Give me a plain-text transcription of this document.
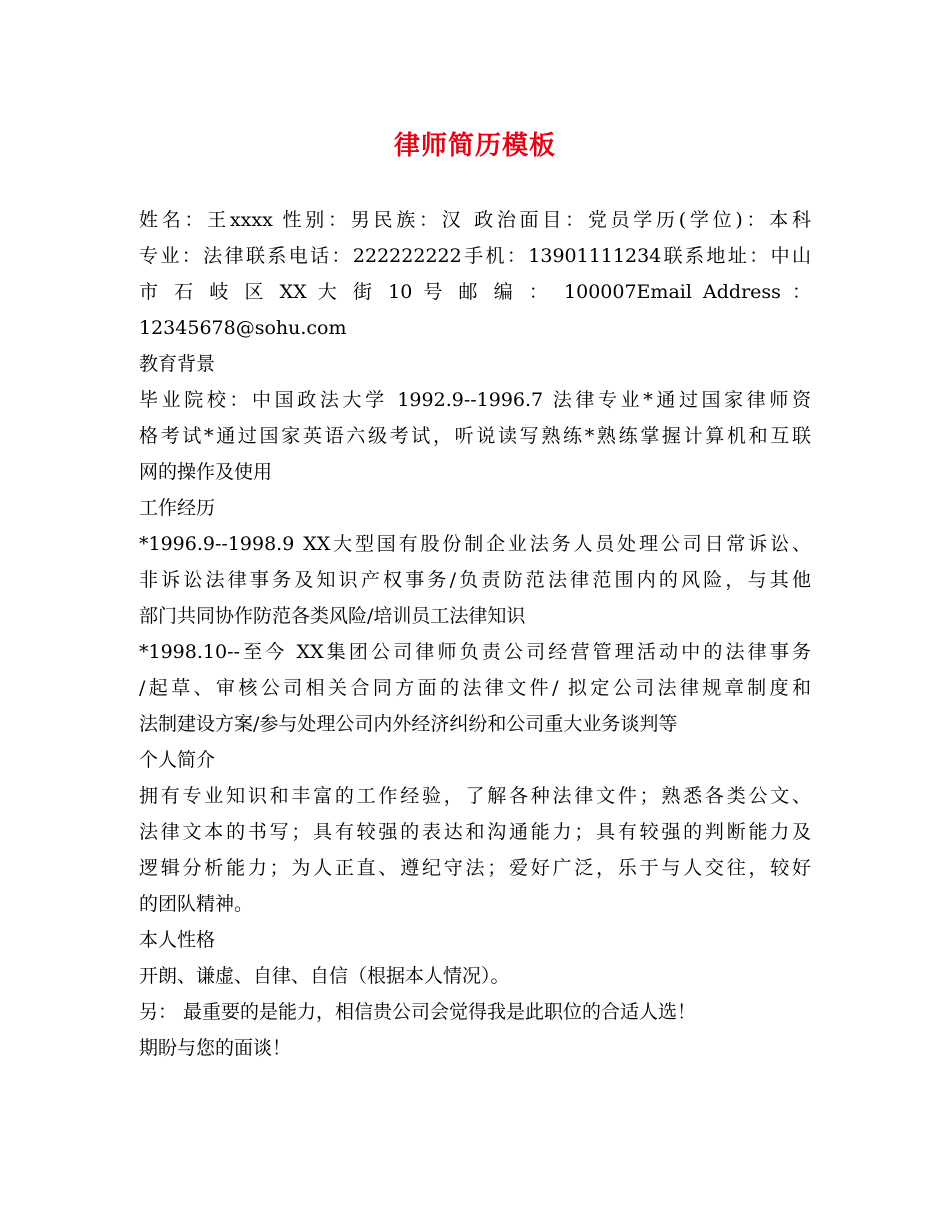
律师简历模板

姓名：王xxxx 性别：男民族：汉 政治面目：党员学历(学位)：本科

专业：法律联系电话：222222222手机：13901111234联系地址：中山

市 石 岐 区 XX 大 街 10 号 邮 编 ： 100007Email Address ：

12345678@sohu.com

教育背景

毕业院校：中国政法大学 1992.9--1996.7 法律专业*通过国家律师资

格考试*通过国家英语六级考试，听说读写熟练*熟练掌握计算机和互联

网的操作及使用

工作经历

*1996.9--1998.9 XX大型国有股份制企业法务人员处理公司日常诉讼、

非诉讼法律事务及知识产权事务/负责防范法律范围内的风险，与其他

部门共同协作防范各类风险/培训员工法律知识

*1998.10--至今 XX集团公司律师负责公司经营管理活动中的法律事务

/起草、审核公司相关合同方面的法律文件/ 拟定公司法律规章制度和

法制建设方案/参与处理公司内外经济纠纷和公司重大业务谈判等

个人简介

拥有专业知识和丰富的工作经验，了解各种法律文件；熟悉各类公文、

法律文本的书写；具有较强的表达和沟通能力；具有较强的判断能力及

逻辑分析能力；为人正直、遵纪守法；爱好广泛，乐于与人交往，较好

的团队精神。

本人性格

开朗、谦虚、自律、自信（根据本人情况）。

另： 最重要的是能力，相信贵公司会觉得我是此职位的合适人选！

期盼与您的面谈！
